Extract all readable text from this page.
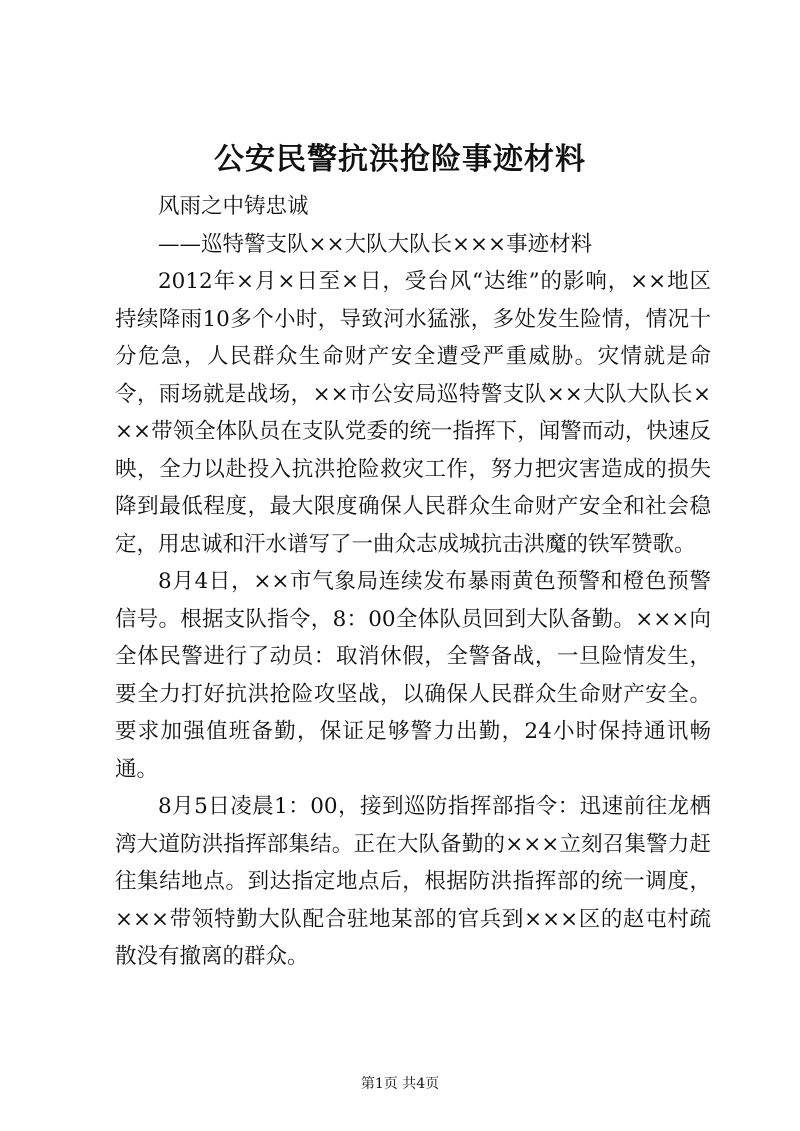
公安民警抗洪抢险事迹材料

风雨之中铸忠诚

——巡特警支队××大队大队长×××事迹材料

2012年×月×日至×日，受台风“达维”的影响，××地区持续降雨10多个小时，导致河水猛涨，多处发生险情，情况十分危急，人民群众生命财产安全遭受严重威胁。灾情就是命令，雨场就是战场，××市公安局巡特警支队××大队大队长×××带领全体队员在支队党委的统一指挥下，闻警而动，快速反映，全力以赴投入抗洪抢险救灾工作，努力把灾害造成的损失降到最低程度，最大限度确保人民群众生命财产安全和社会稳定，用忠诚和汗水谱写了一曲众志成城抗击洪魔的铁军赞歌。

8月4日，××市气象局连续发布暴雨黄色预警和橙色预警信号。根据支队指令，8：00全体队员回到大队备勤。×××向全体民警进行了动员：取消休假，全警备战，一旦险情发生，要全力打好抗洪抢险攻坚战，以确保人民群众生命财产安全。要求加强值班备勤，保证足够警力出勤，24小时保持通讯畅通。

8月5日凌晨1：00，接到巡防指挥部指令：迅速前往龙栖湾大道防洪指挥部集结。正在大队备勤的×××立刻召集警力赶往集结地点。到达指定地点后，根据防洪指挥部的统一调度，×××带领特勤大队配合驻地某部的官兵到×××区的赵屯村疏散没有撤离的群众。

第1页 共4页
